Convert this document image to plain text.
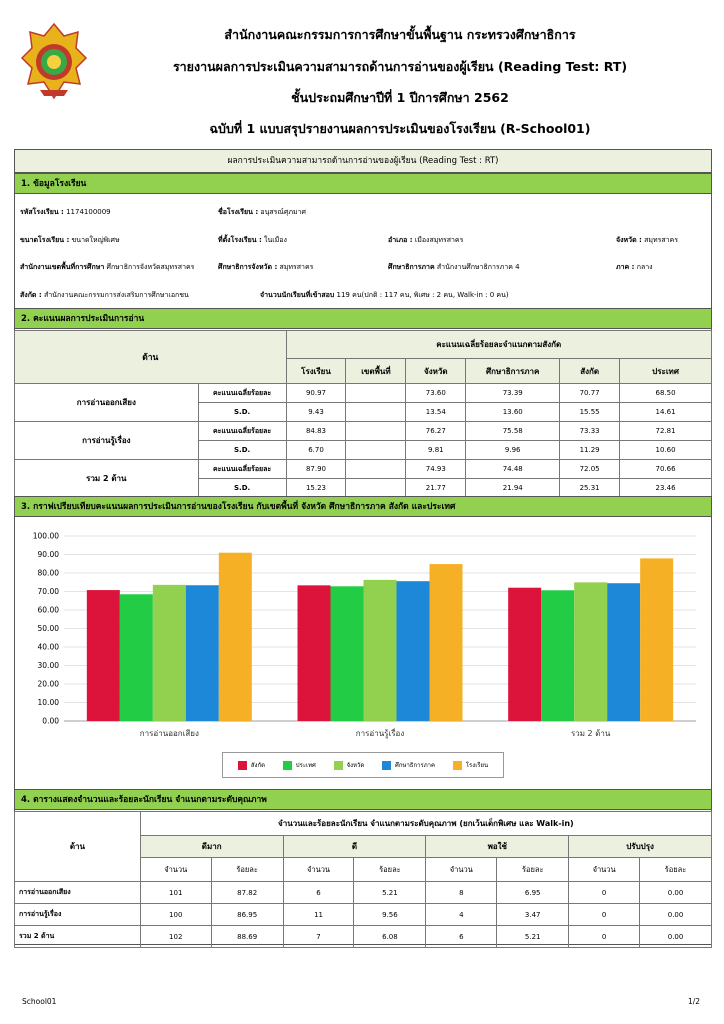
สำนักงานคณะกรรมการการศึกษาขั้นพื้นฐาน กระทรวงศึกษาธิการ
รายงานผลการประเมินความสามารถด้านการอ่านของผู้เรียน (Reading Test: RT)
ชั้นประถมศึกษาปีที่ 1 ปีการศึกษา 2562
ฉบับที่ 1 แบบสรุปรายงานผลการประเมินของโรงเรียน (R-School01)
ผลการประเมินความสามารถด้านการอ่านของผู้เรียน (Reading Test : RT)
1. ข้อมูลโรงเรียน
รหัสโรงเรียน : 1174100009	ชื่อโรงเรียน : อนุสรณ์ศุภมาศ
ขนาดโรงเรียน : ขนาดใหญ่พิเศษ	ที่ตั้งโรงเรียน : ในเมือง	อำเภอ : เมืองสมุทรสาคร	จังหวัด : สมุทรสาคร
สำนักงานเขตพื้นที่การศึกษา ศึกษาธิการจังหวัดสมุทรสาคร	ศึกษาธิการจังหวัด : สมุทรสาคร	ศึกษาธิการภาค สำนักงานศึกษาธิการภาค 4	ภาค : กลาง
สังกัด : สำนักงานคณะกรรมการส่งเสริมการศึกษาเอกชน	จำนวนนักเรียนที่เข้าสอบ 119 คน(ปกติ : 117 คน, พิเศษ : 2 คน, Walk-in : 0 คน)
2. คะแนนผลการประเมินการอ่าน
ด้าน		คะแนนเฉลี่ยร้อยละจำแนกตามสังกัด					
		โรงเรียน	เขตพื้นที่	จังหวัด	ศึกษาธิการภาค	สังกัด	ประเทศ
การอ่านออกเสียง	คะแนนเฉลี่ยร้อยละ	90.97		73.60	73.39	70.77	68.50
	S.D.	9.43		13.54	13.60	15.55	14.61
การอ่านรู้เรื่อง	คะแนนเฉลี่ยร้อยละ	84.83		76.27	75.58	73.33	72.81
	S.D.	6.70		9.81	9.96	11.29	10.60
รวม 2 ด้าน	คะแนนเฉลี่ยร้อยละ	87.90		74.93	74.48	72.05	70.66
	S.D.	15.23		21.77	21.94	25.31	23.46
3. กราฟเปรียบเทียบคะแนนผลการประเมินการอ่านของโรงเรียน กับเขตพื้นที่ จังหวัด ศึกษาธิการภาค สังกัด และประเทศ
0.00
10.00
20.00
30.00
40.00
50.00
60.00
70.00
80.00
90.00
100.00
การอ่านออกเสียง	การอ่านรู้เรื่อง	รวม 2 ด้าน
สังกัด	ประเทศ	จังหวัด	ศึกษาธิการภาค	โรงเรียน
4. ตารางแสดงจำนวนและร้อยละนักเรียน จำแนกตามระดับคุณภาพ
ด้าน	จำนวนและร้อยละนักเรียน จำแนกตามระดับคุณภาพ (ยกเว้นเด็กพิเศษ และ Walk-in)							
	ดีมาก		ดี		พอใช้		ปรับปรุง	
	จำนวน	ร้อยละ	จำนวน	ร้อยละ	จำนวน	ร้อยละ	จำนวน	ร้อยละ
การอ่านออกเสียง	101	87.82	6	5.21	8	6.95	0	0.00
การอ่านรู้เรื่อง	100	86.95	11	9.56	4	3.47	0	0.00
รวม 2 ด้าน	102	88.69	7	6.08	6	5.21	0	0.00
School01	1/2
